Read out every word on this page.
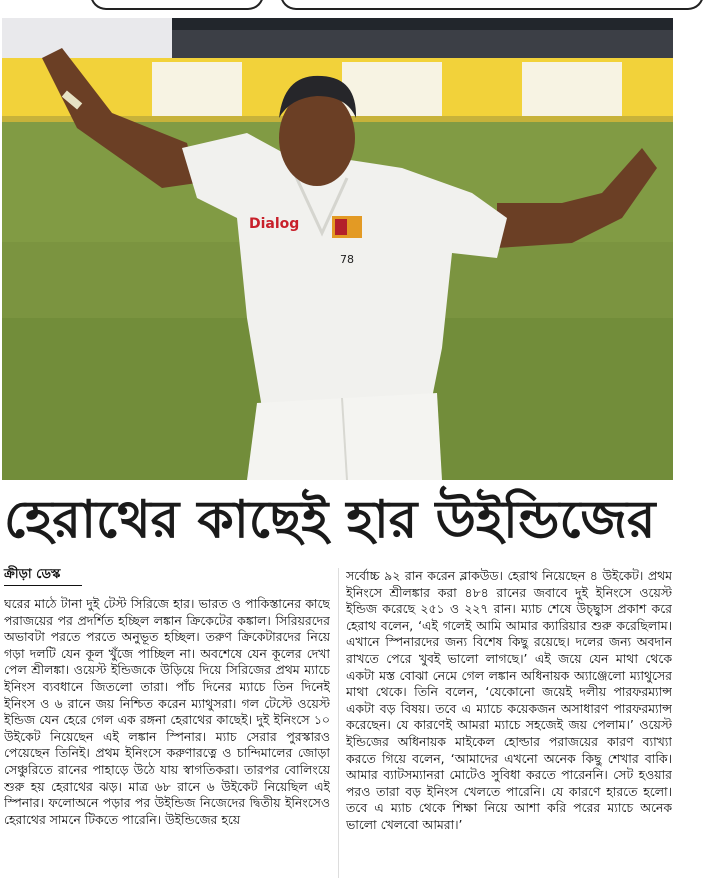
Dialog
78
হেরাথের কাছেই হার উইন্ডিজের
ক্রীড়া ডেস্ক

ঘরের মাঠে টানা দুই টেস্ট সিরিজে হার। ভারত ও পাকিস্তানের কাছে পরাজয়ের পর প্রদর্শিত হচ্ছিল লঙ্কান ক্রিকেটের কঙ্কাল। সিরিয়রদের অভাবটা পরতে পরতে অনুভূত হচ্ছিল। তরুণ ক্রিকেটারদের নিয়ে গড়া দলটি যেন কূল খুঁজে পাচ্ছিল না। অবশেষে যেন কূলের দেখা পেল শ্রীলঙ্কা। ওয়েস্ট ইন্ডিজকে উড়িয়ে দিয়ে সিরিজের প্রথম ম্যাচে ইনিংস ব্যবধানে জিতলো তারা। পাঁচ দিনের ম্যাচে তিন দিনেই ইনিংস ও ৬ রানে জয় নিশ্চিত করেন ম্যাথুসরা। গল টেস্টে ওয়েস্ট ইন্ডিজ যেন হেরে গেল এক রঙ্গনা হেরাথের কাছেই। দুই ইনিংসে ১০ উইকেট নিয়েছেন এই লঙ্কান স্পিনার। ম্যাচ সেরার পুরস্কারও পেয়েছেন তিনিই। প্রথম ইনিংসে করুণারত্নে ও চান্দিমালের জোড়া সেঞ্চুরিতে রানের পাহাড়ে উঠে যায় স্বাগতিকরা। তারপর বোলিংয়ে শুরু হয় হেরাথের ঝড়। মাত্র ৬৮ রানে ৬ উইকেট নিয়েছিল এই স্পিনার। ফলোঅনে পড়ার পর উইন্ডিজ নিজেদের দ্বিতীয় ইনিংসেও হেরাথের সামনে টিকতে পারেনি। উইন্ডিজের হয়ে

সর্বোচ্চ ৯২ রান করেন ব্লাকউড। হেরাথ নিয়েছেন ৪ উইকেট। প্রথম ইনিংসে শ্রীলঙ্কার করা ৪৮৪ রানের জবাবে দুই ইনিংসে ওয়েস্ট ইন্ডিজ করেছে ২৫১ ও ২২৭ রান। ম্যাচ শেষে উচ্ছ্বাস প্রকাশ করে হেরাথ বলেন, ‘এই গলেই আমি আমার ক্যারিয়ার শুরু করেছিলাম। এখানে স্পিনারদের জন্য বিশেষ কিছু রয়েছে। দলের জন্য অবদান রাখতে পেরে খুবই ভালো লাগছে।’ এই জয়ে যেন মাথা থেকে একটা মস্ত বোঝা নেমে গেল লঙ্কান অধিনায়ক অ্যাঞ্জেলো ম্যাথুসের মাথা থেকে। তিনি বলেন, ‘যেকোনো জয়েই দলীয় পারফরম্যান্স একটা বড় বিষয়। তবে এ ম্যাচে কয়েকজন অসাধারণ পারফরম্যান্স করেছেন। যে কারণেই আমরা ম্যাচে সহজেই জয় পেলাম।’ ওয়েস্ট ইন্ডিজের অধিনায়ক মাইকেল হোল্ডার পরাজয়ের কারণ ব্যাখ্যা করতে গিয়ে বলেন, ‘আমাদের এখনো অনেক কিছু শেখার বাকি। আমার ব্যাটসম্যানরা মোটেও সুবিধা করতে পারেননি। সেট হওয়ার পরও তারা বড় ইনিংস খেলতে পারেনি। যে কারণে হারতে হলো। তবে এ ম্যাচ থেকে শিক্ষা নিয়ে আশা করি পরের ম্যাচে অনেক ভালো খেলবো আমরা।’
